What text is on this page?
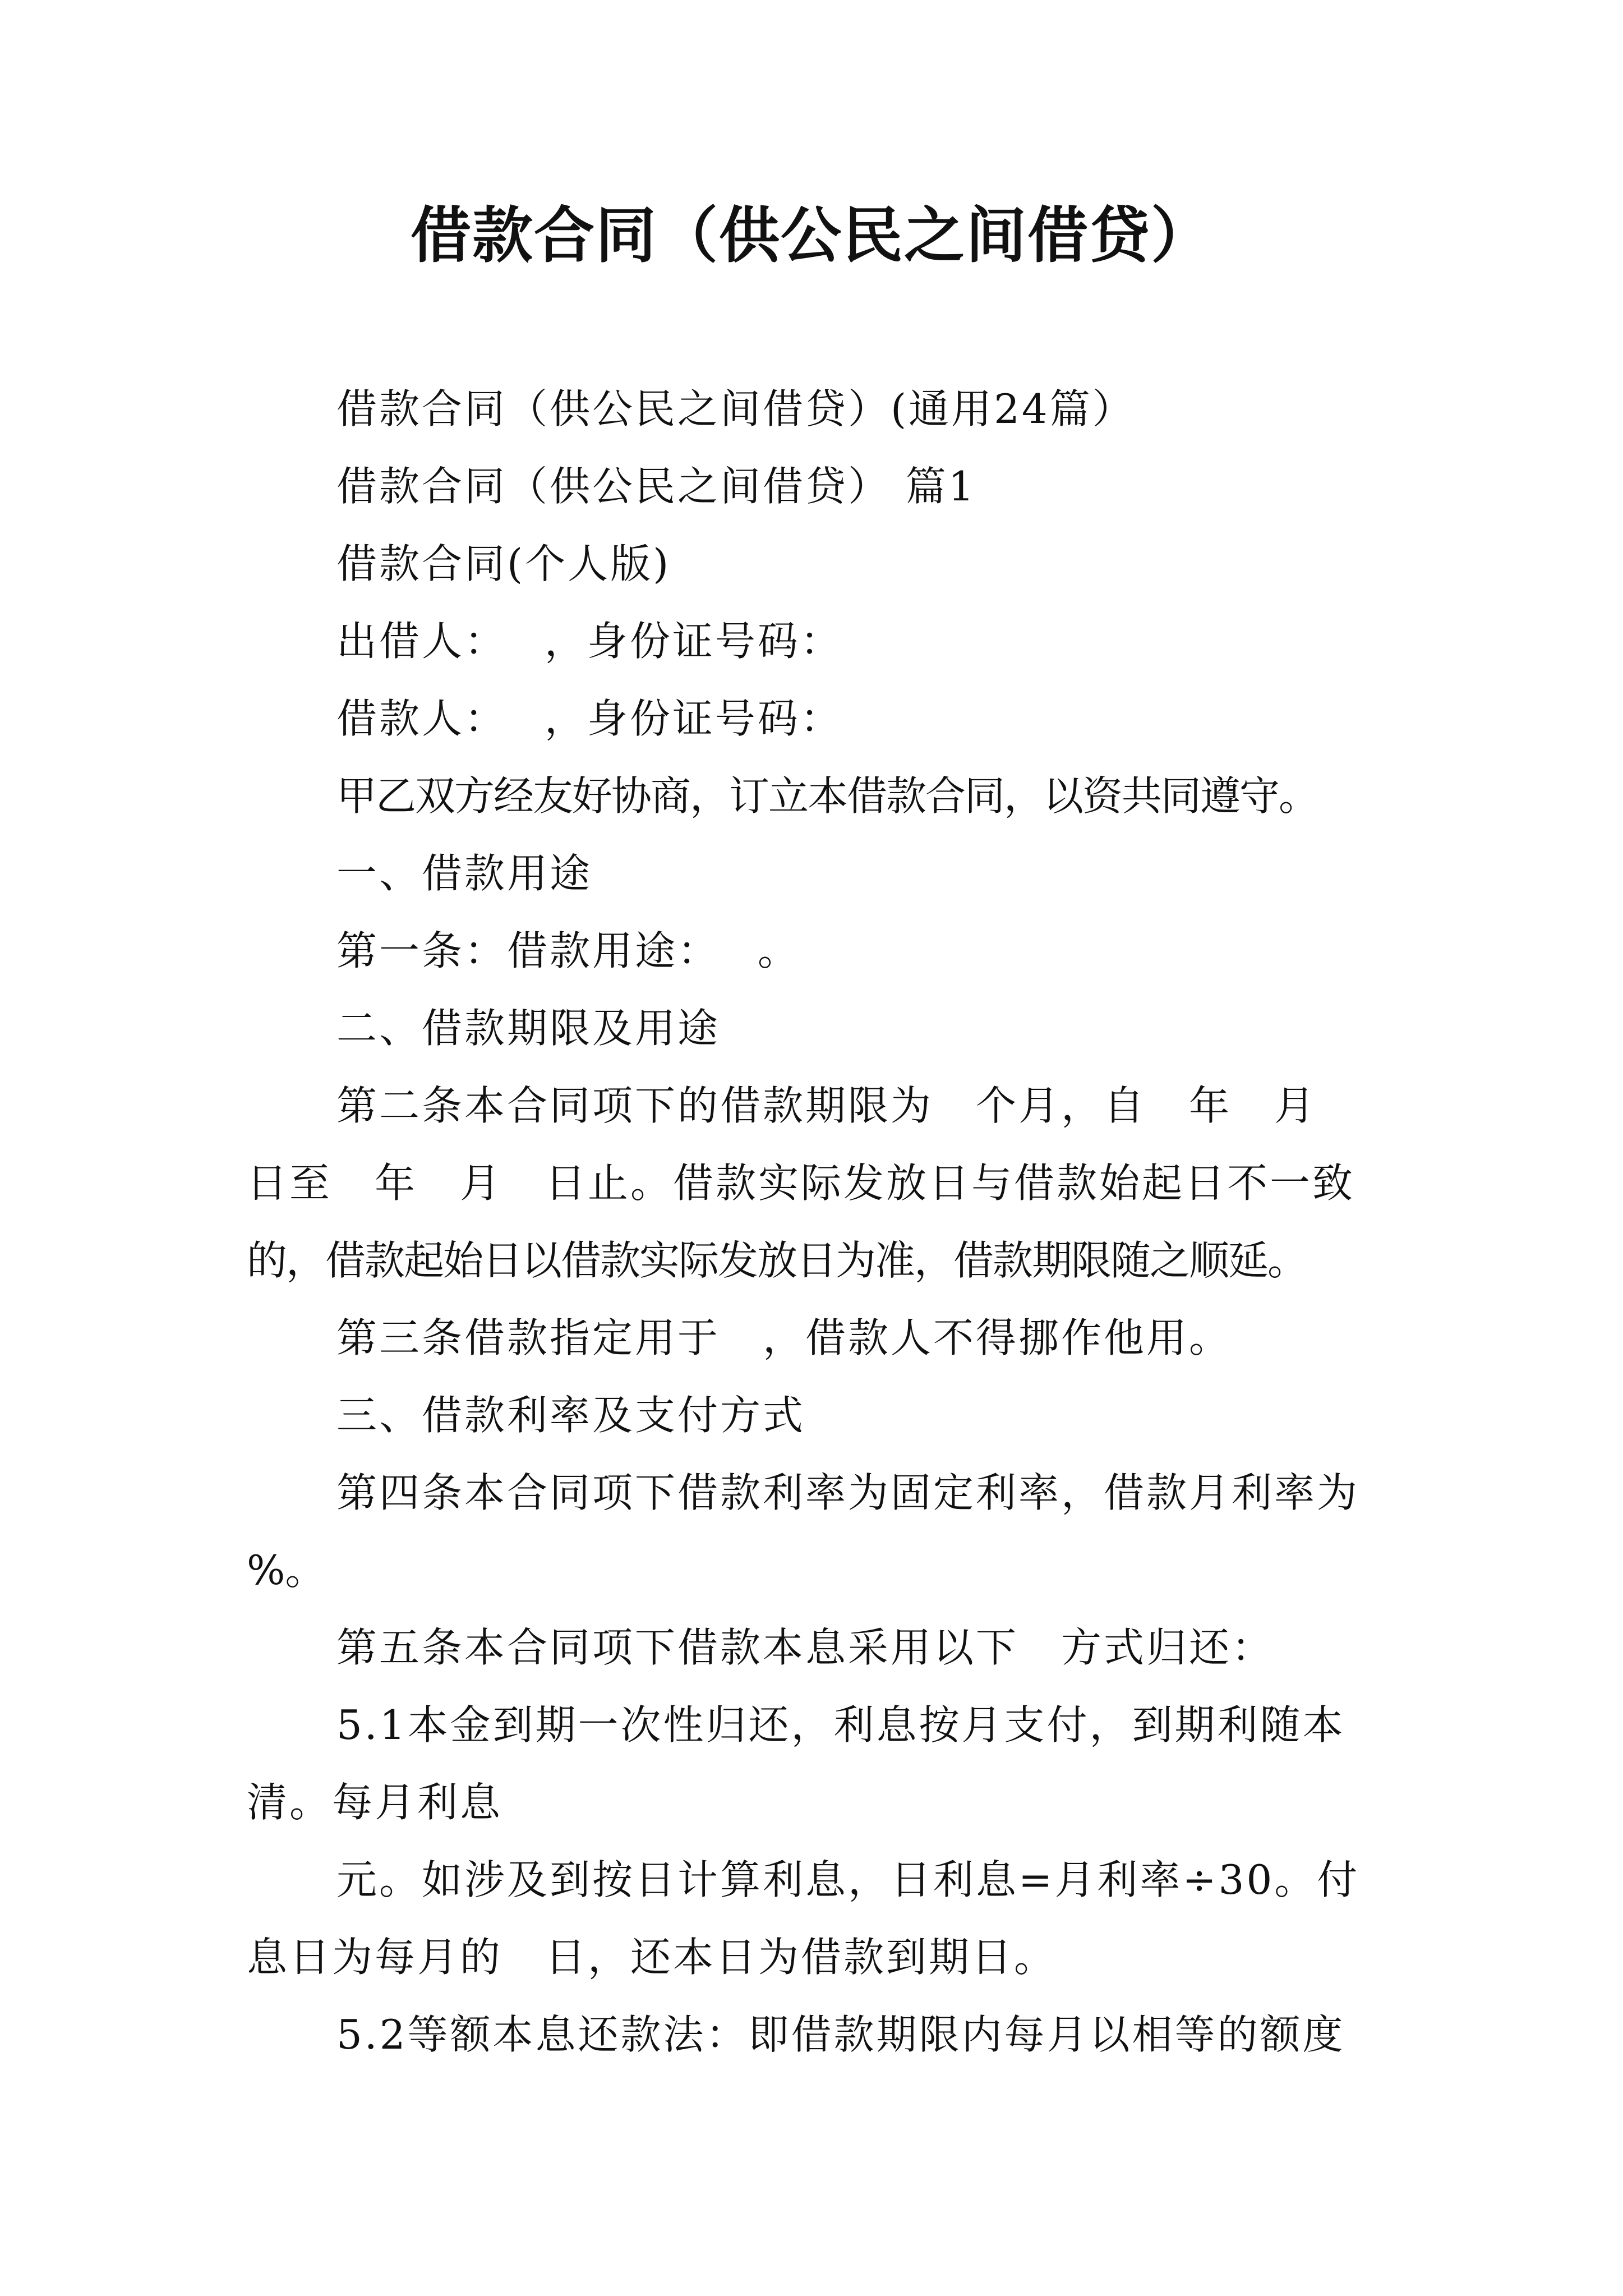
借款合同（供公民之间借贷）

借款合同（供公民之间借贷）(通用24篇）

借款合同（供公民之间借贷） 篇1

借款合同(个人版)

出借人：　 ，身份证号码：

借款人：　 ，身份证号码：

甲乙双方经友好协商，订立本借款合同，以资共同遵守。

一、借款用途

第一条：借款用途：　 。

二、借款期限及用途

第二条本合同项下的借款期限为　个月，自　年　月

日至　年　月　日止。借款实际发放日与借款始起日不一致

的，借款起始日以借款实际发放日为准，借款期限随之顺延。

第三条借款指定用于　，借款人不得挪作他用。

三、借款利率及支付方式

第四条本合同项下借款利率为固定利率，借款月利率为

%。

第五条本合同项下借款本息采用以下　方式归还：

5.1本金到期一次性归还，利息按月支付，到期利随本

清。每月利息

元。如涉及到按日计算利息，日利息=月利率÷30。付

息日为每月的　日，还本日为借款到期日。

5.2等额本息还款法：即借款期限内每月以相等的额度
